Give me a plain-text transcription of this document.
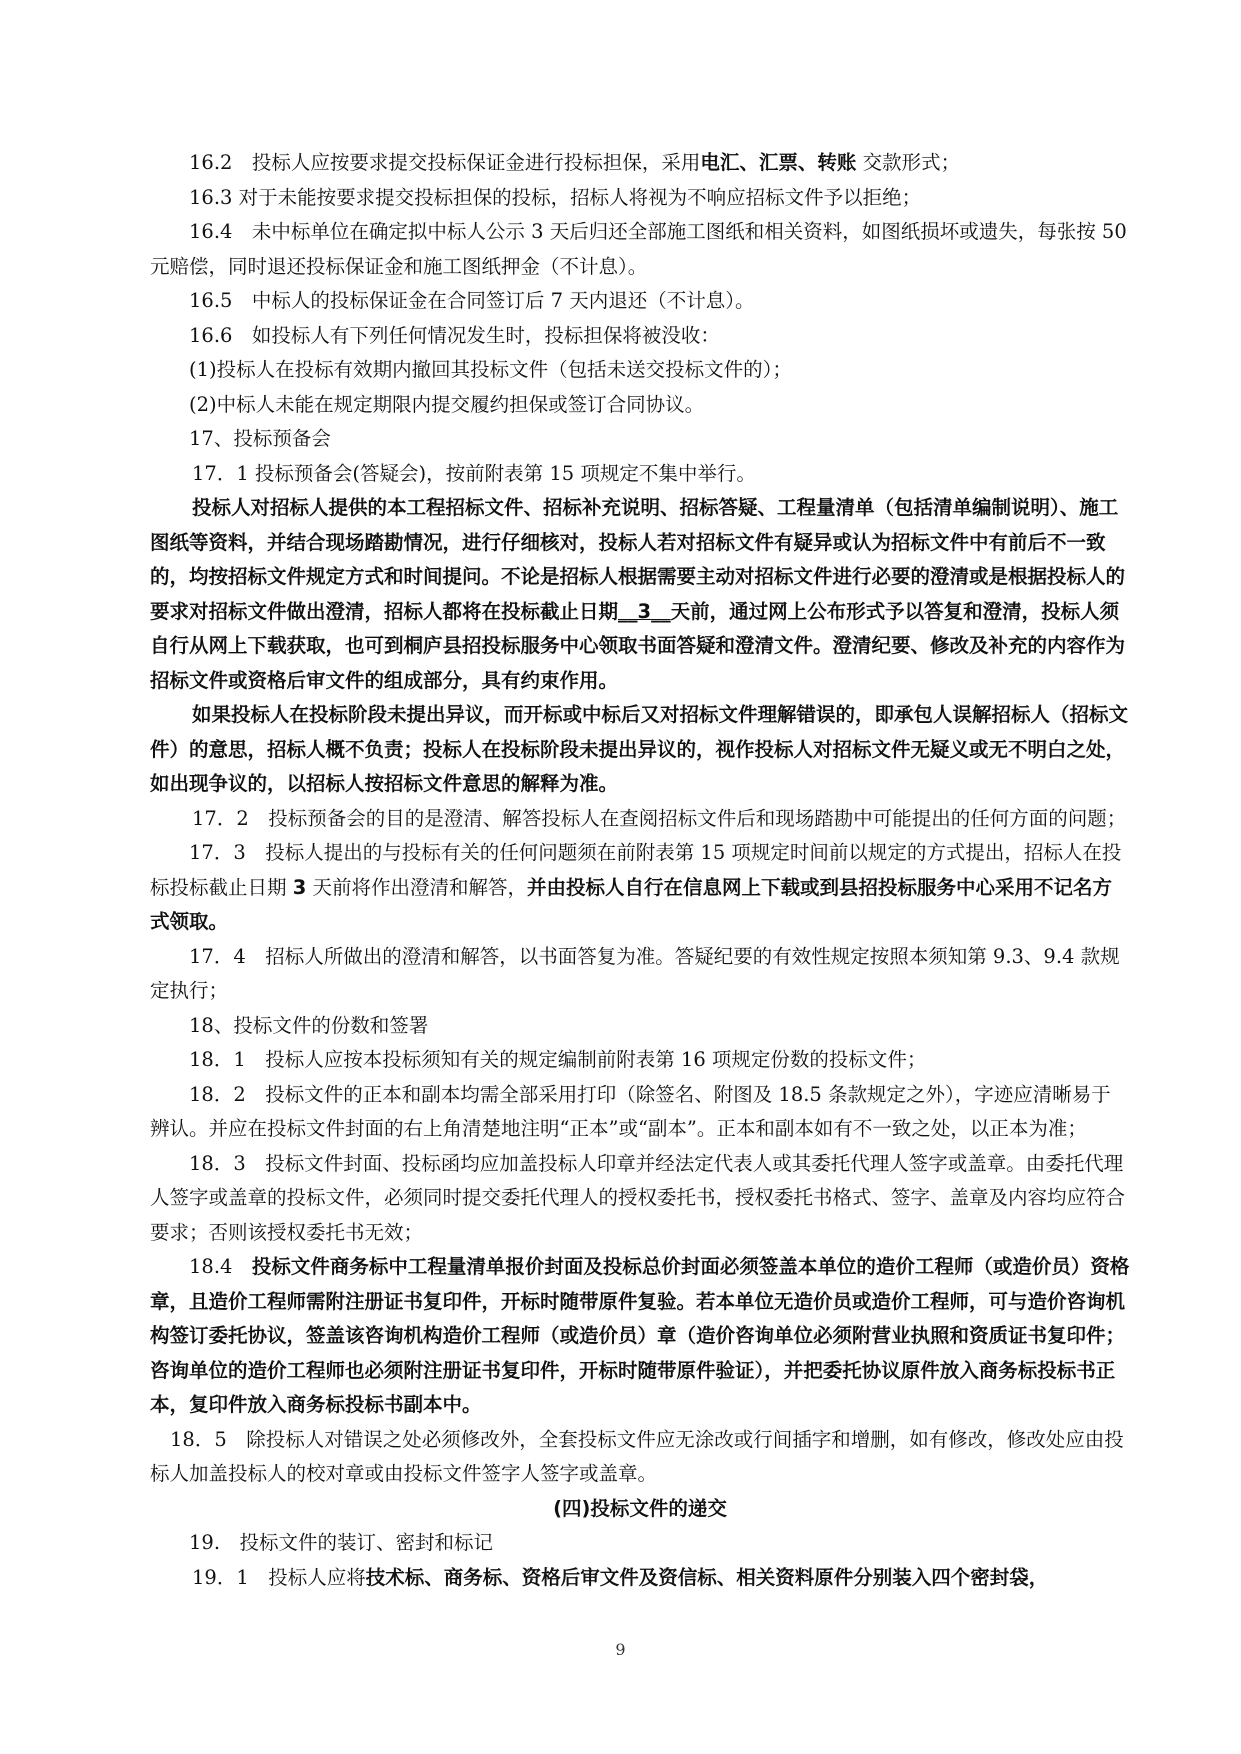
16.2　投标人应按要求提交投标保证金进行投标担保，采用电汇、汇票、转账 交款形式；

16.3 对于未能按要求提交投标担保的投标，招标人将视为不响应招标文件予以拒绝；

16.4　未中标单位在确定拟中标人公示 3 天后归还全部施工图纸和相关资料，如图纸损坏或遗失，每张按 50 元赔偿，同时退还投标保证金和施工图纸押金（不计息）。

16.5　中标人的投标保证金在合同签订后 7 天内退还（不计息）。

16.6　如投标人有下列任何情况发生时，投标担保将被没收：

(1)投标人在投标有效期内撤回其投标文件（包括未送交投标文件的）；

(2)中标人未能在规定期限内提交履约担保或签订合同协议。

17、投标预备会

17．1 投标预备会(答疑会)，按前附表第 15 项规定不集中举行。

投标人对招标人提供的本工程招标文件、招标补充说明、招标答疑、工程量清单（包括清单编制说明）、施工图纸等资料，并结合现场踏勘情况，进行仔细核对，投标人若对招标文件有疑异或认为招标文件中有前后不一致的，均按招标文件规定方式和时间提问。不论是招标人根据需要主动对招标文件进行必要的澄清或是根据投标人的要求对招标文件做出澄清，招标人都将在投标截止日期__3__天前，通过网上公布形式予以答复和澄清，投标人须自行从网上下载获取，也可到桐庐县招投标服务中心领取书面答疑和澄清文件。澄清纪要、修改及补充的内容作为招标文件或资格后审文件的组成部分，具有约束作用。

如果投标人在投标阶段未提出异议，而开标或中标后又对招标文件理解错误的，即承包人误解招标人（招标文件）的意思，招标人概不负责；投标人在投标阶段未提出异议的，视作投标人对招标文件无疑义或无不明白之处，如出现争议的，以招标人按招标文件意思的解释为准。

17．2　投标预备会的目的是澄清、解答投标人在查阅招标文件后和现场踏勘中可能提出的任何方面的问题；

17．3　投标人提出的与投标有关的任何问题须在前附表第 15 项规定时间前以规定的方式提出，招标人在投标投标截止日期 3 天前将作出澄清和解答，并由投标人自行在信息网上下载或到县招投标服务中心采用不记名方式领取。

17．4　招标人所做出的澄清和解答，以书面答复为准。答疑纪要的有效性规定按照本须知第 9.3、9.4 款规定执行；

18、投标文件的份数和签署

18．1　投标人应按本投标须知有关的规定编制前附表第 16 项规定份数的投标文件；

18．2　投标文件的正本和副本均需全部采用打印（除签名、附图及 18.5 条款规定之外），字迹应清晰易于辨认。并应在投标文件封面的右上角清楚地注明“正本”或“副本”。正本和副本如有不一致之处，以正本为准；

18．3　投标文件封面、投标函均应加盖投标人印章并经法定代表人或其委托代理人签字或盖章。由委托代理人签字或盖章的投标文件，必须同时提交委托代理人的授权委托书，授权委托书格式、签字、盖章及内容均应符合要求；否则该授权委托书无效；

18.4　投标文件商务标中工程量清单报价封面及投标总价封面必须签盖本单位的造价工程师（或造价员）资格章，且造价工程师需附注册证书复印件，开标时随带原件复验。若本单位无造价员或造价工程师，可与造价咨询机构签订委托协议，签盖该咨询机构造价工程师（或造价员）章（造价咨询单位必须附营业执照和资质证书复印件；咨询单位的造价工程师也必须附注册证书复印件，开标时随带原件验证），并把委托协议原件放入商务标投标书正本，复印件放入商务标投标书副本中。

18．5　除投标人对错误之处必须修改外，全套投标文件应无涂改或行间插字和增删，如有修改，修改处应由投标人加盖投标人的校对章或由投标文件签字人签字或盖章。

(四)投标文件的递交

19.　投标文件的装订、密封和标记

19．1　投标人应将技术标、商务标、资格后审文件及资信标、相关资料原件分别装入四个密封袋，

9
